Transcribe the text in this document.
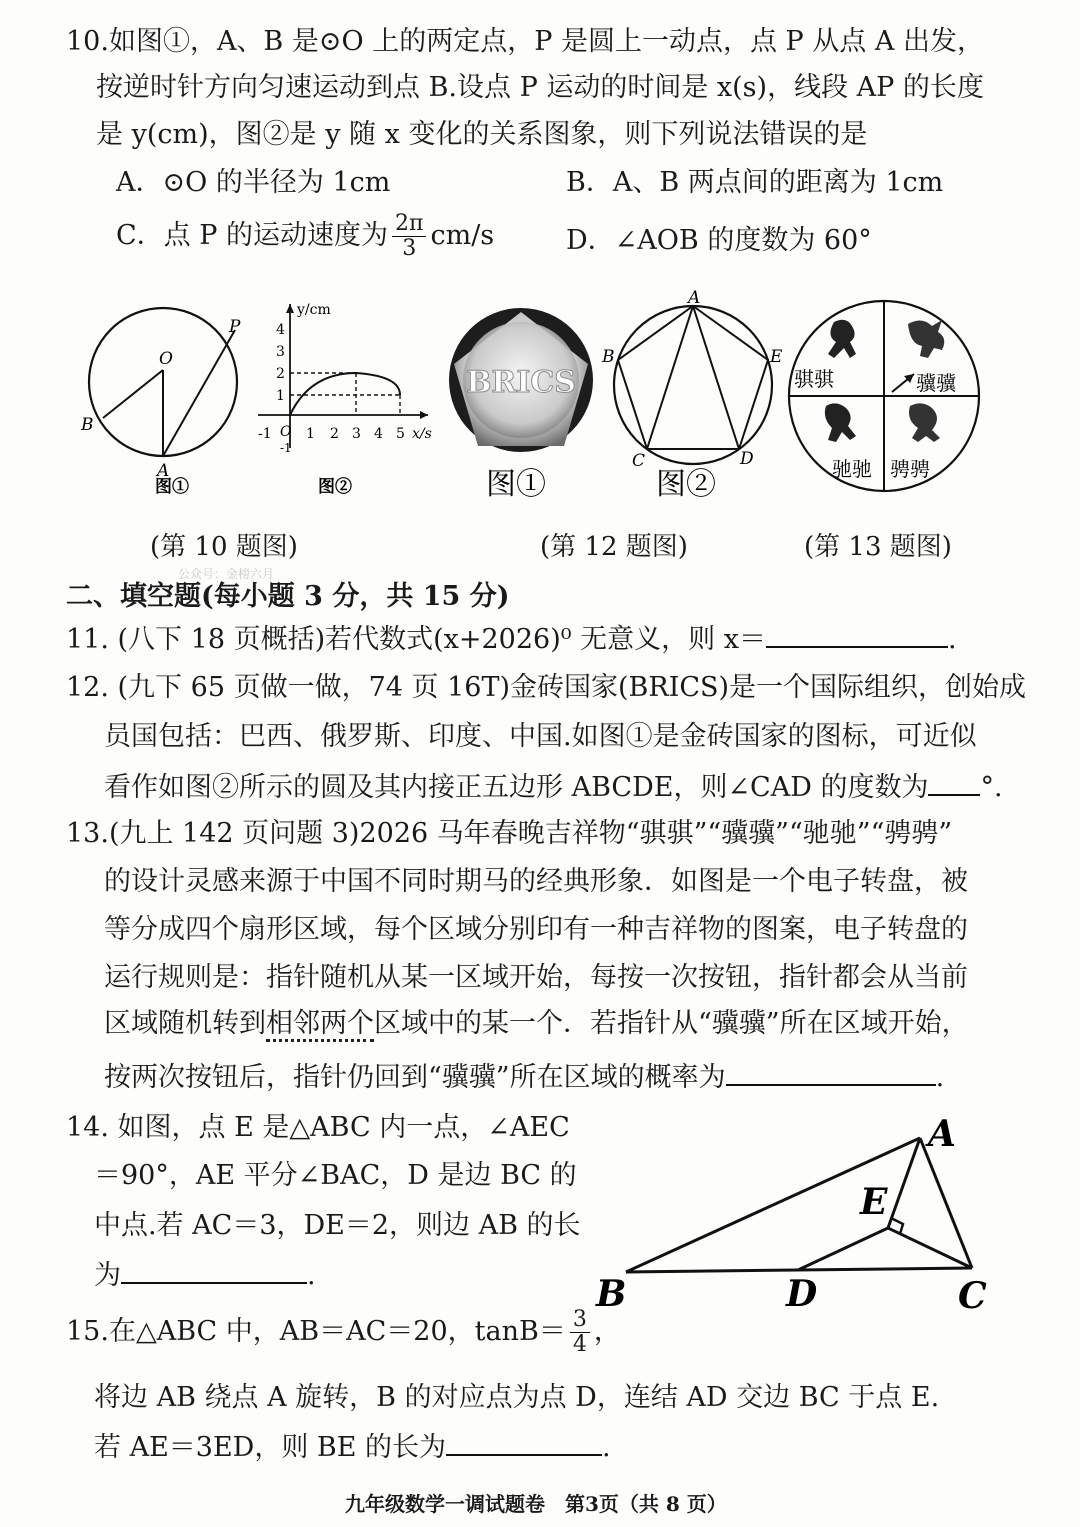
10.如图①，A、B 是⊙O 上的两定点，P 是圆上一动点，点 P 从点 A 出发，
按逆时针方向匀速运动到点 B.设点 P 运动的时间是 x(s)，线段 AP 的长度
是 y(cm)，图②是 y 随 x 变化的关系图象，则下列说法错误的是
A．⊙O 的半径为 1cm	B．A、B 两点间的距离为 1cm
C．点 P 的运动速度为 $\frac{2\pi}{3} cm/s$	D．∠AOB 的度数为 60°
O
P
B
A
图①
y/cm
x/s
4
3
2
1
-1 O 1 2 3 4 5
-1
图②
BRICS
图①
A
B	E
C	D
图②
骐骐	骥骥
驰驰 骋骋
(第 10 题图)	(第 12 题图)	(第 13 题图)
公众号：金榜六月
二、填空题(每小题 3 分，共 15 分)
11. (八下 18 页概括)若代数式(x+2026)⁰ 无意义，则 x＝	.
12. (九下 65 页做一做，74 页 16T)金砖国家(BRICS)是一个国际组织，创始成
员国包括：巴西、俄罗斯、印度、中国.如图①是金砖国家的图标，可近似
看作如图②所示的圆及其内接正五边形 ABCDE，则∠CAD 的度数为 °.
13.(九上 142 页问题 3)2026 马年春晚吉祥物“骐骐”“骥骥”“驰驰”“骋骋”
的设计灵感来源于中国不同时期马的经典形象．如图是一个电子转盘，被
等分成四个扇形区域，每个区域分别印有一种吉祥物的图案，电子转盘的
运行规则是：指针随机从某一区域开始，每按一次按钮，指针都会从当前
区域随机转到相邻两个区域中的某一个．若指针从“骥骥”所在区域开始，
按两次按钮后，指针仍回到“骥骥”所在区域的概率为	.
14. 如图，点 E 是△ABC 内一点，∠AEC
＝90°，AE 平分∠BAC，D 是边 BC 的
中点.若 AC＝3，DE＝2，则边 AB 的长
为	.
A
E
B	D	C
15.在△ABC 中，AB＝AC＝20，$\tan B= \frac{3}{4}$ ，
将边 AB 绕点 A 旋转，B 的对应点为点 D，连结 AD 交边 BC 于点 E.
若 AE＝3ED，则 BE 的长为	.
九年级数学一调试题卷　第3页（共 8 页）
